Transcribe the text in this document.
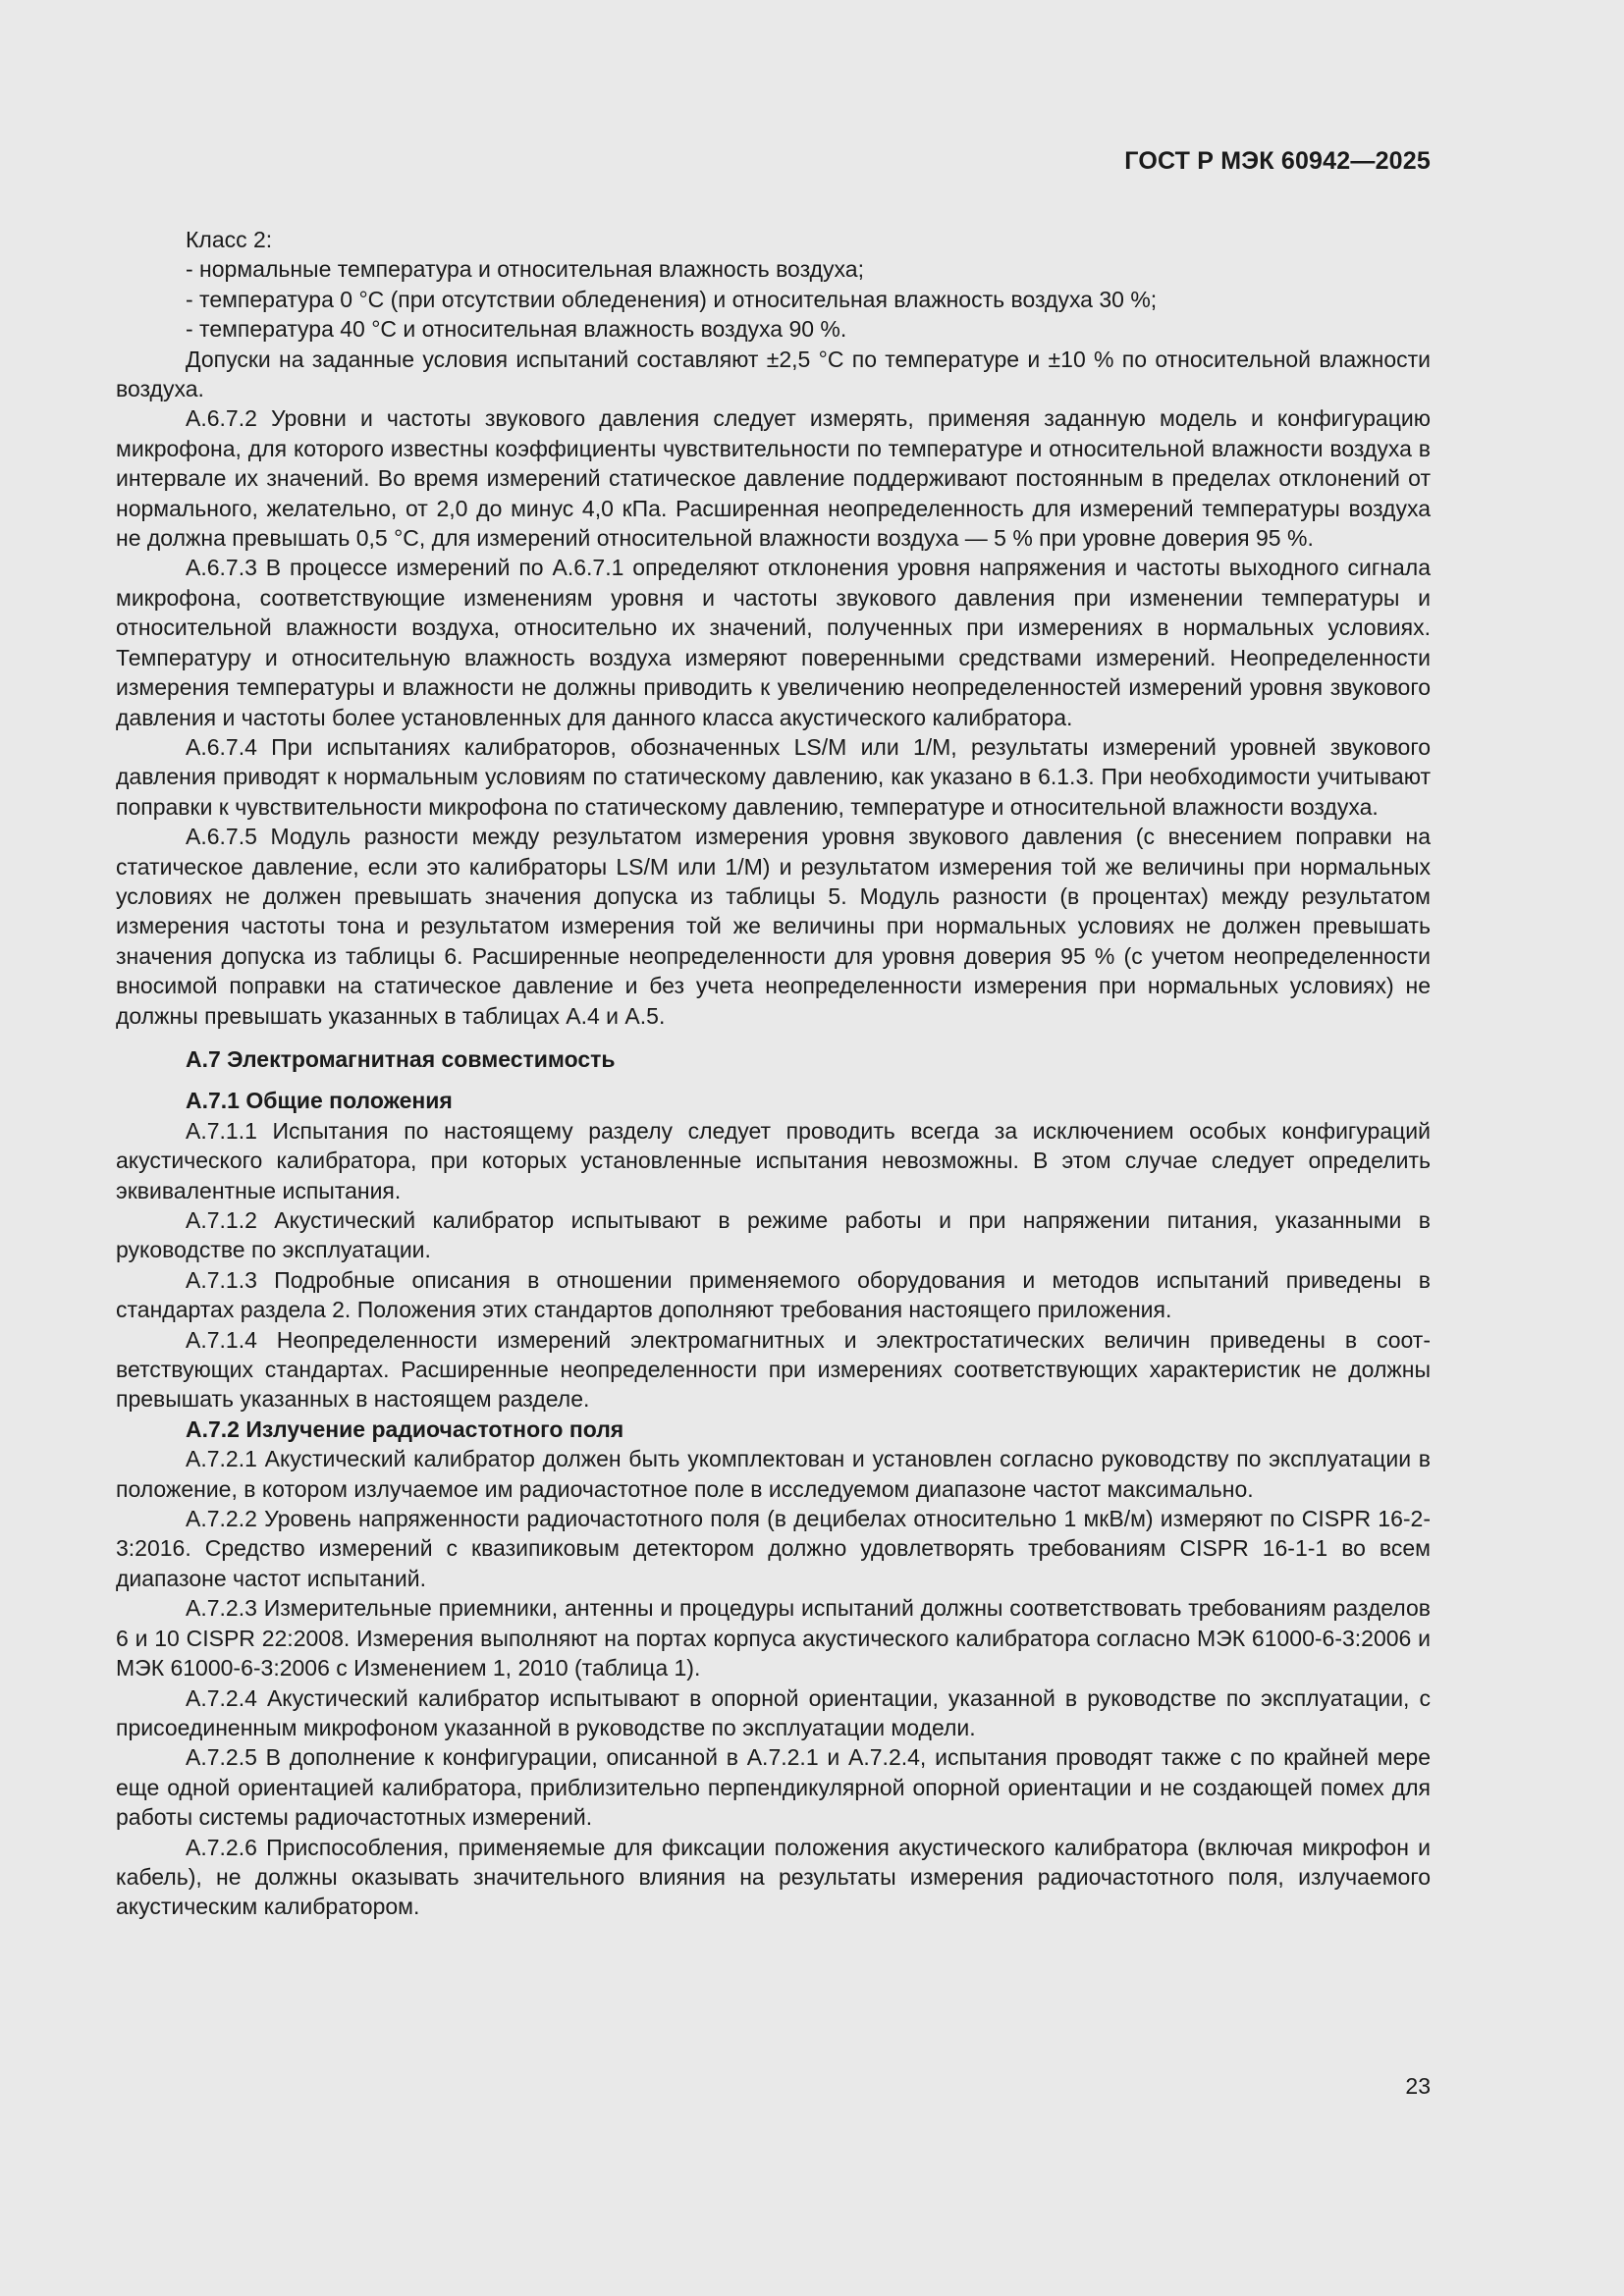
ГОСТ Р МЭК 60942—2025

Класс 2:

- нормальные температура и относительная влажность воздуха;

- температура 0 °C (при отсутствии обледенения) и относительная влажность воздуха 30 %;

- температура 40 °C и относительная влажность воздуха 90 %.

Допуски на заданные условия испытаний составляют ±2,5 °C по температуре и ±10 % по относительной влажности воздуха.

А.6.7.2 Уровни и частоты звукового давления следует измерять, применяя заданную модель и конфигурацию микрофона, для которого известны коэффициенты чувствительности по температуре и относительной влажности воздуха в интервале их значений. Во время измерений статическое давление поддерживают постоянным в пределах отклонений от нормального, желательно, от 2,0 до минус 4,0 кПа. Расширенная неопределенность для измерений температуры воздуха не должна превышать 0,5 °C, для измерений относительной влажности воздуха — 5 % при уровне доверия 95 %.

А.6.7.3 В процессе измерений по А.6.7.1 определяют отклонения уровня напряжения и частоты выходного сигнала микрофона, соответствующие изменениям уровня и частоты звукового давления при изменении температуры и относительной влажности воздуха, относительно их значений, полученных при измерениях в нормальных условиях. Температуру и относительную влажность воздуха измеряют поверенными средствами измерений. Неопределенности измерения температуры и влажности не должны приводить к увеличению неопределенностей измерений уровня звукового давления и частоты более установленных для данного класса акустического калибратора.

А.6.7.4 При испытаниях калибраторов, обозначенных LS/M или 1/M, результаты измерений уровней звукового давления приводят к нормальным условиям по статическому давлению, как указано в 6.1.3. При необходимости учитывают поправки к чувствительности микрофона по статическому давлению, температуре и относительной влажности воздуха.

А.6.7.5 Модуль разности между результатом измерения уровня звукового давления (с внесением поправки на статическое давление, если это калибраторы LS/M или 1/M) и результатом измерения той же величины при нормальных условиях не должен превышать значения допуска из таблицы 5. Модуль разности (в процентах) между результатом измерения частоты тона и результатом измерения той же величины при нормальных условиях не должен превышать значения допуска из таблицы 6. Расширенные неопределенности для уровня доверия 95 % (с учетом неопределенности вносимой поправки на статическое давление и без учета неопределенности измерения при нормальных условиях) не должны превышать указанных в таблицах А.4 и А.5.

А.7 Электромагнитная совместимость

А.7.1 Общие положения

А.7.1.1 Испытания по настоящему разделу следует проводить всегда за исключением особых конфигураций акустического калибратора, при которых установленные испытания невозможны. В этом случае следует определить эквивалентные испытания.

А.7.1.2 Акустический калибратор испытывают в режиме работы и при напряжении питания, указанными в руководстве по эксплуатации.

А.7.1.3 Подробные описания в отношении применяемого оборудования и методов испытаний приведены в стандартах раздела 2. Положения этих стандартов дополняют требования настоящего приложения.

А.7.1.4 Неопределенности измерений электромагнитных и электростатических величин приведены в соответствующих стандартах. Расширенные неопределенности при измерениях соответствующих характеристик не должны превышать указанных в настоящем разделе.

А.7.2 Излучение радиочастотного поля

А.7.2.1 Акустический калибратор должен быть укомплектован и установлен согласно руководству по эксплуатации в положение, в котором излучаемое им радиочастотное поле в исследуемом диапазоне частот максимально.

А.7.2.2 Уровень напряженности радиочастотного поля (в децибелах относительно 1 мкВ/м) измеряют по CISPR 16-2-3:2016. Средство измерений с квазипиковым детектором должно удовлетворять требованиям CISPR 16-1-1 во всем диапазоне частот испытаний.

А.7.2.3 Измерительные приемники, антенны и процедуры испытаний должны соответствовать требованиям разделов 6 и 10 CISPR 22:2008. Измерения выполняют на портах корпуса акустического калибратора согласно МЭК 61000-6-3:2006 и МЭК 61000-6-3:2006 с Изменением 1, 2010 (таблица 1).

А.7.2.4 Акустический калибратор испытывают в опорной ориентации, указанной в руководстве по эксплуатации, с присоединенным микрофоном указанной в руководстве по эксплуатации модели.

А.7.2.5 В дополнение к конфигурации, описанной в А.7.2.1 и А.7.2.4, испытания проводят также с по крайней мере еще одной ориентацией калибратора, приблизительно перпендикулярной опорной ориентации и не создающей помех для работы системы радиочастотных измерений.

А.7.2.6 Приспособления, применяемые для фиксации положения акустического калибратора (включая микрофон и кабель), не должны оказывать значительного влияния на результаты измерения радиочастотного поля, излучаемого акустическим калибратором.

23
